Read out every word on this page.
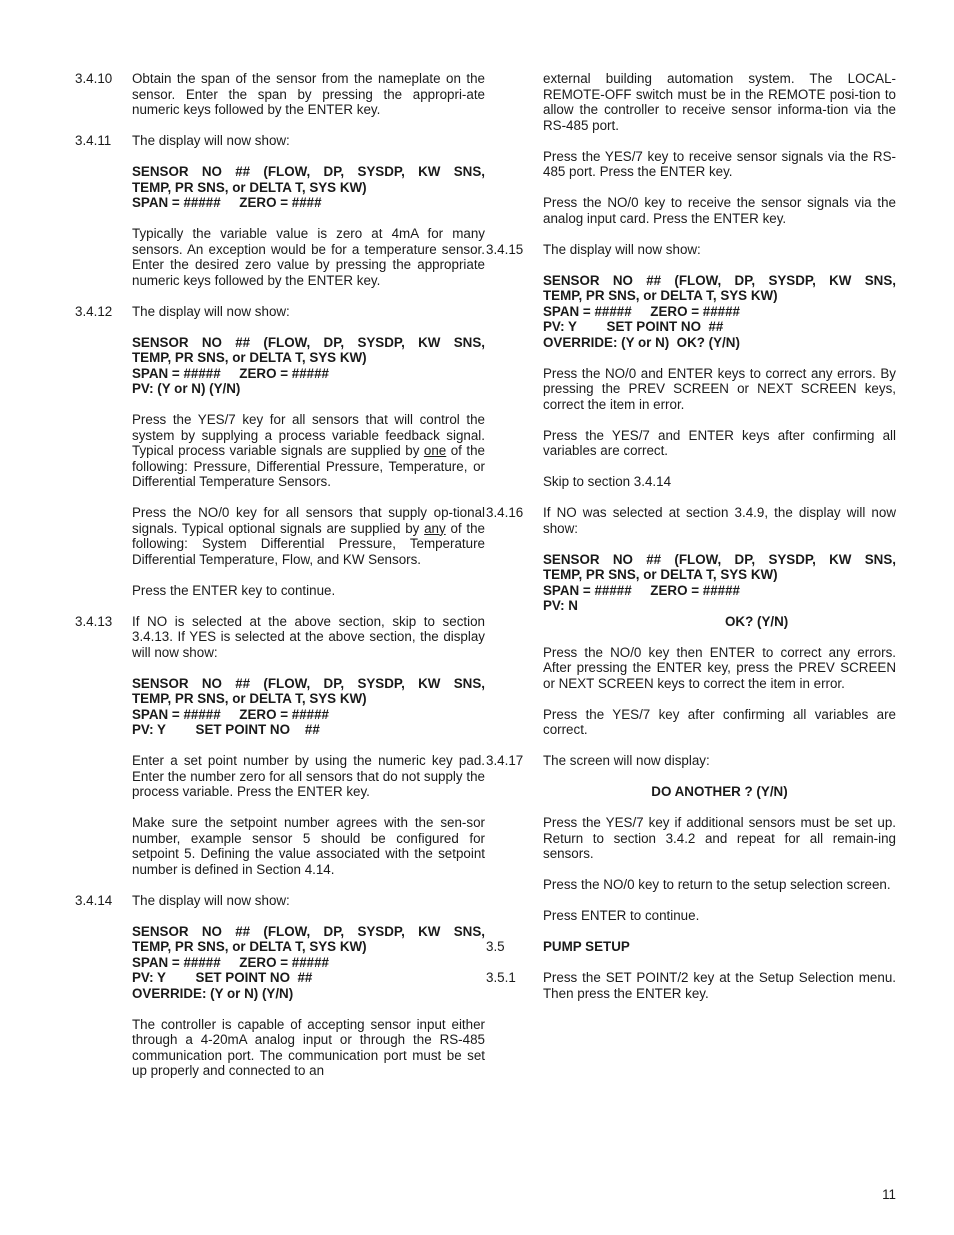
3.4.10 Obtain the span of the sensor from the nameplate on the sensor. Enter the span by pressing the appropri-ate numeric keys followed by the ENTER key.

3.4.11 The display will now show:

SENSOR NO ## (FLOW, DP, SYSDP, KW SNS,
TEMP, PR SNS, or DELTA T, SYS KW)
SPAN = #####     ZERO = ####

Typically the variable value is zero at 4mA for many sensors. An exception would be for a temperature sensor. Enter the desired zero value by pressing the appropriate numeric keys followed by the ENTER key.

3.4.12 The display will now show:

SENSOR NO ## (FLOW, DP, SYSDP, KW SNS,
TEMP, PR SNS, or DELTA T, SYS KW)
SPAN = #####     ZERO = #####
PV: (Y or N) (Y/N)

Press the YES/7 key for all sensors that will control the system by supplying a process variable feedback signal. Typical process variable signals are supplied by one of the following: Pressure, Differential Pressure, Temperature, or Differential Temperature Sensors.

Press the NO/0 key for all sensors that supply op-tional signals. Typical optional signals are supplied by any of the following: System Differential Pressure, Temperature Differential Temperature, Flow, and KW Sensors.

Press the ENTER key to continue.

3.4.13 If NO is selected at the above section, skip to section 3.4.13. If YES is selected at the above section, the display will now show:

SENSOR NO ## (FLOW, DP, SYSDP, KW SNS,
TEMP, PR SNS, or DELTA T, SYS KW)
SPAN = #####     ZERO = #####
PV: Y        SET POINT NO    ##

Enter a set point number by using the numeric key pad. Enter the number zero for all sensors that do not supply the process variable. Press the ENTER key.

Make sure the setpoint number agrees with the sen-sor number, example sensor 5 should be configured for setpoint 5. Defining the value associated with the setpoint number is defined in Section 4.14.

3.4.14 The display will now show:

SENSOR NO ## (FLOW, DP, SYSDP, KW SNS,
TEMP, PR SNS, or DELTA T, SYS KW)
SPAN = #####     ZERO = #####
PV: Y        SET POINT NO  ##
OVERRIDE: (Y or N) (Y/N)

The controller is capable of accepting sensor input either through a 4-20mA analog input or through the RS-485 communication port. The communication port must be set up properly and connected to an

external building automation system. The LOCAL-REMOTE-OFF switch must be in the REMOTE posi-tion to allow the controller to receive sensor informa-tion via the RS-485 port.

Press the YES/7 key to receive sensor signals via the RS-485 port. Press the ENTER key.

Press the NO/0 key to receive the sensor signals via the analog input card. Press the ENTER key.

3.4.15 The display will now show:

SENSOR NO ## (FLOW, DP, SYSDP, KW SNS,
TEMP, PR SNS, or DELTA T, SYS KW)
SPAN = #####     ZERO = #####
PV: Y        SET POINT NO  ##
OVERRIDE: (Y or N)  OK? (Y/N)

Press the NO/0 and ENTER keys to correct any errors. By pressing the PREV SCREEN or NEXT SCREEN keys, correct the item in error.

Press the YES/7 and ENTER keys after confirming all variables are correct.

Skip to section 3.4.14

3.4.16 If NO was selected at section 3.4.9, the display will now show:

SENSOR NO ## (FLOW, DP, SYSDP, KW SNS,
TEMP, PR SNS, or DELTA T, SYS KW)
SPAN = #####     ZERO = #####
PV: N
OK? (Y/N)

Press the NO/0 key then ENTER to correct any errors. After pressing the ENTER key, press the PREV SCREEN or NEXT SCREEN keys to correct the item in error.

Press the YES/7 key after confirming all variables are correct.

3.4.17 The screen will now display:

DO ANOTHER ? (Y/N)

Press the YES/7 key if additional sensors must be set up. Return to section 3.4.2 and repeat for all remain-ing sensors.

Press the NO/0 key to return to the setup selection screen.

Press ENTER to continue.

3.5	PUMP SETUP

3.5.1 Press the SET POINT/2 key at the Setup Selection menu. Then press the ENTER key.

11
